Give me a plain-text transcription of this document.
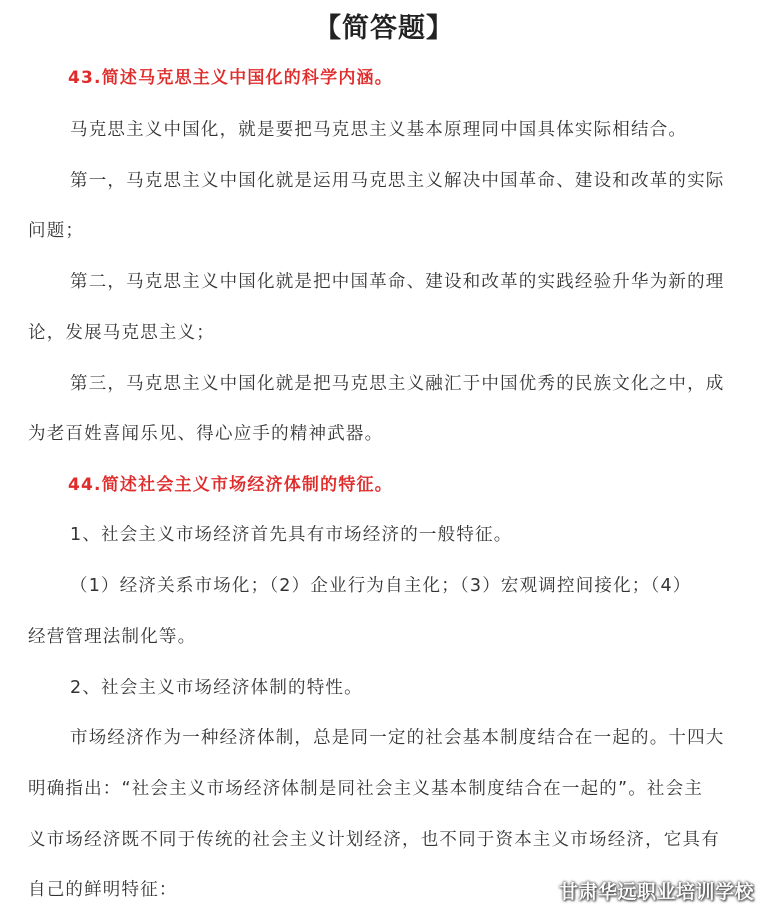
【简答题】
43.简述马克思主义中国化的科学内涵。
马克思主义中国化，就是要把马克思主义基本原理同中国具体实际相结合。
第一，马克思主义中国化就是运用马克思主义解决中国革命、建设和改革的实际
问题；
第二，马克思主义中国化就是把中国革命、建设和改革的实践经验升华为新的理
论，发展马克思主义；
第三，马克思主义中国化就是把马克思主义融汇于中国优秀的民族文化之中，成
为老百姓喜闻乐见、得心应手的精神武器。
44.简述社会主义市场经济体制的特征。
1、社会主义市场经济首先具有市场经济的一般特征。
（1）经济关系市场化；（2）企业行为自主化；（3）宏观调控间接化；（4）
经营管理法制化等。
2、社会主义市场经济体制的特性。
市场经济作为一种经济体制，总是同一定的社会基本制度结合在一起的。十四大
明确指出：“社会主义市场经济体制是同社会主义基本制度结合在一起的”。社会主
义市场经济既不同于传统的社会主义计划经济，也不同于资本主义市场经济，它具有
自己的鲜明特征：	甘肃华远职业培训学校
